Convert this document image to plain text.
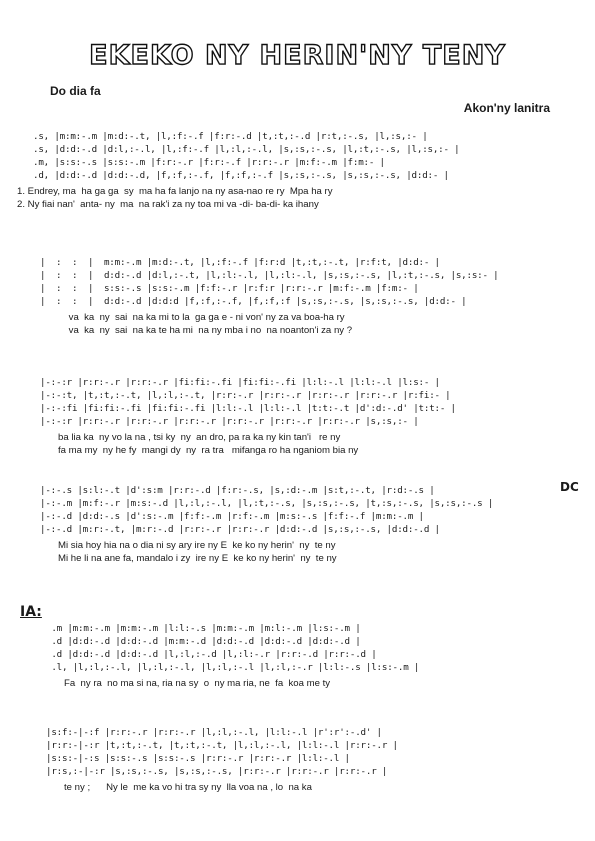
EKEKO NY HERIN'NY TENY
Do dia fa
Akon'ny lanitra
.s, |m:m:-.m |m:d:-.t, |l,:f:-.f |f:r:-.d |t,:t,:-.d |r:t,:-.s, |l,:s,:- |
.s, |d:d:-.d |d:l,:-.l, |l,:f:-.f |l,:l,:-.l, |s,:s,:-.s, |l,:t,:-.s, |l,:s,:- |
.m, |s:s:-.s |s:s:-.m |f:r:-.r |f:r:-.f |r:r:-.r |m:f:-.m |f:m:- |
.d, |d:d:-.d |d:d:-.d, |f,:f,:-.f, |f,:f,:-.f |s,:s,:-.s, |s,:s,:-.s, |d:d:- |
1. Endrey, ma  ha ga ga  sy  ma ha fa lanjo na ny asa-nao re ry  Mpa ha ry
2. Ny fiai nan'  anta- ny  ma  na rak'i za ny toa mi va -di- ba-di- ka ihany
|  :  :  |  m:m:-.m |m:d:-.t, |l,:f:-.f |f:r:d |t,:t,:-.t, |r:f:t, |d:d:- |
|  :  :  |  d:d:-.d |d:l,:-.t, |l,:l:-.l, |l,:l:-.l, |s,:s,:-.s, |l,:t,:-.s, |s,:s:- |
|  :  :  |  s:s:-.s |s:s:-.m |f:f:-.r |r:f:r |r:r:-.r |m:f:-.m |f:m:- |
|  :  :  |  d:d:-.d |d:d:d |f,:f,:-.f, |f,:f,:f |s,:s,:-.s, |s,:s,:-.s, |d:d:- |
va  ka  ny  sai  na ka mi to la  ga ga e - ni von' ny za va boa-ha ry
va  ka  ny  sai  na ka te ha mi  na ny mba i no  na noanton'i za ny ?
|-:-:r |r:r:-.r |r:r:-.r |fi:fi:-.fi |fi:fi:-.fi |l:l:-.l |l:l:-.l |l:s:- |
|-:-:t, |t,:t,:-.t, |l,:l,:-.t, |r:r:-.r |r:r:-.r |r:r:-.r |r:r:-.r |r:fi:- |
|-:-:fi |fi:fi:-.fi |fi:fi:-.fi |l:l:-.l |l:l:-.l |t:t:-.t |d':d:-.d' |t:t:- |
|-:-:r |r:r:-.r |r:r:-.r |r:r:-.r |r:r:-.r |r:r:-.r |r:r:-.r |s,:s,:- |
ba lia ka  ny vo la na , tsi ky  ny  an dro, pa ra ka ny kin tan'i   re ny
fa ma my  ny he fy  mangi dy  ny  ra tra   mifanga ro ha nganiom bia ny
|-:-.s |s:l:-.t |d':s:m |r:r:-.d |f:r:-.s, |s,:d:-.m |s:t,:-.t, |r:d:-.s |
|-:-.m |m:f:-.r |m:s:-.d |l,:l,:-.l, |l,:t,:-.s, |s,:s,:-.s, |t,:s,:-.s, |s,:s,:-.s |
|-:-.d |d:d:-.s |d':s:-.m |f:f:-.m |r:f:-.m |m:s:-.s |f:f:-.f |m:m:-.m |
|-:-.d |m:r:-.t, |m:r:-.d |r:r:-.r |r:r:-.r |d:d:-.d |s,:s,:-.s, |d:d:-.d |
Mi sia hoy hia na o dia ni sy ary ire ny E  ke ko ny herin'  ny  te ny
Mi he li na ane fa, mandalo i zy  ire ny E  ke ko ny herin'  ny  te ny
.m |m:m:-.m |m:m:-.m |l:l:-.s |m:m:-.m |m:l:-.m |l:s:-.m |
.d |d:d:-.d |d:d:-.d |m:m:-.d |d:d:-.d |d:d:-.d |d:d:-.d |
.d |d:d:-.d |d:d:-.d |l,:l,:-.d |l,:l:-.r |r:r:-.d |r:r:-.d |
.l, |l,:l,:-.l, |l,:l,:-.l, |l,:l,:-.l |l,:l,:-.r |l:l:-.s |l:s:-.m |
Fa  ny ra  no ma si na, ria na sy  o  ny ma ria, ne  fa  koa me ty
|s:f:-|-:f |r:r:-.r |r:r:-.r |l,:l,:-.l, |l:l:-.l |r':r':-.d' |
|r:r:-|-:r |t,:t,:-.t, |t,:t,:-.t, |l,:l,:-.l, |l:l:-.l |r:r:-.r |
|s:s:-|-:s |s:s:-.s |s:s:-.s |r:r:-.r |r:r:-.r |l:l:-.l |
|r:s,:-|-:r |s,:s,:-.s, |s,:s,:-.s, |r:r:-.r |r:r:-.r |r:r:-.r |
te ny ;      Ny le  me ka vo hi tra sy ny  lla voa na , lo  na ka
DC
IA:
